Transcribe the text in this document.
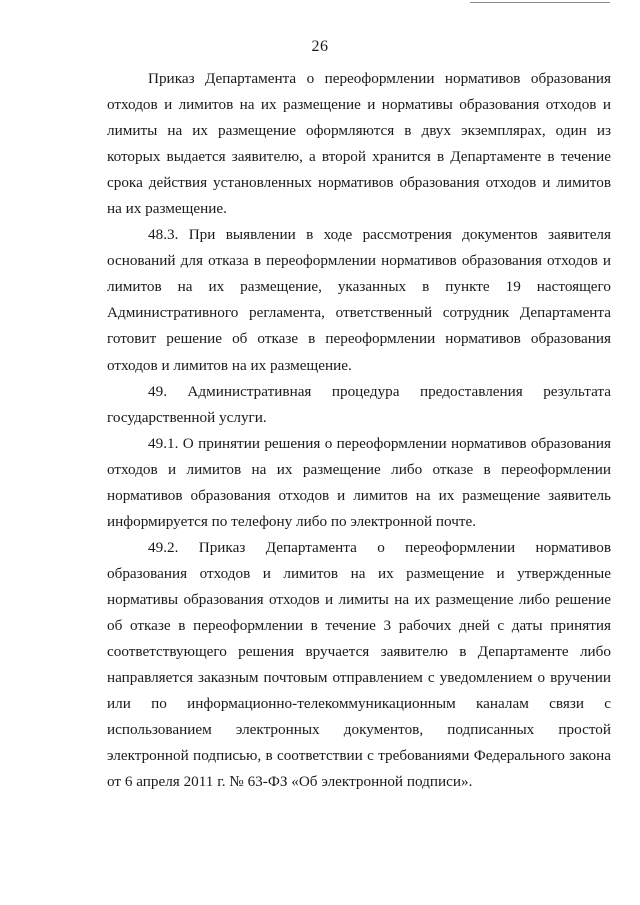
26

Приказ Департамента о переоформлении нормативов образования отходов и лимитов на их размещение и нормативы образования отходов и лимиты на их размещение оформляются в двух экземплярах, один из которых выдается заявителю, а второй хранится в Департаменте в течение срока действия установленных нормативов образования отходов и лимитов на их размещение.

48.3. При выявлении в ходе рассмотрения документов заявителя оснований для отказа в переоформлении нормативов образования отходов и лимитов на их размещение, указанных в пункте 19 настоящего Административного регламента, ответственный сотрудник Департамента готовит решение об отказе в переоформлении нормативов образования отходов и лимитов на их размещение.

49. Административная процедура предоставления результата государственной услуги.

49.1. О принятии решения о переоформлении нормативов образования отходов и лимитов на их размещение либо отказе в переоформлении нормативов образования отходов и лимитов на их размещение заявитель информируется по телефону либо по электронной почте.

49.2. Приказ Департамента о переоформлении нормативов образования отходов и лимитов на их размещение и утвержденные нормативы образования отходов и лимиты на их размещение либо решение об отказе в переоформлении в течение 3 рабочих дней с даты принятия соответствующего решения вручается заявителю в Департаменте либо направляется заказным почтовым отправлением с уведомлением о вручении или по информационно-телекоммуникационным каналам связи с использованием электронных документов, подписанных простой электронной подписью, в соответствии с требованиями Федерального закона от 6 апреля 2011 г. № 63-ФЗ «Об электронной подписи».
